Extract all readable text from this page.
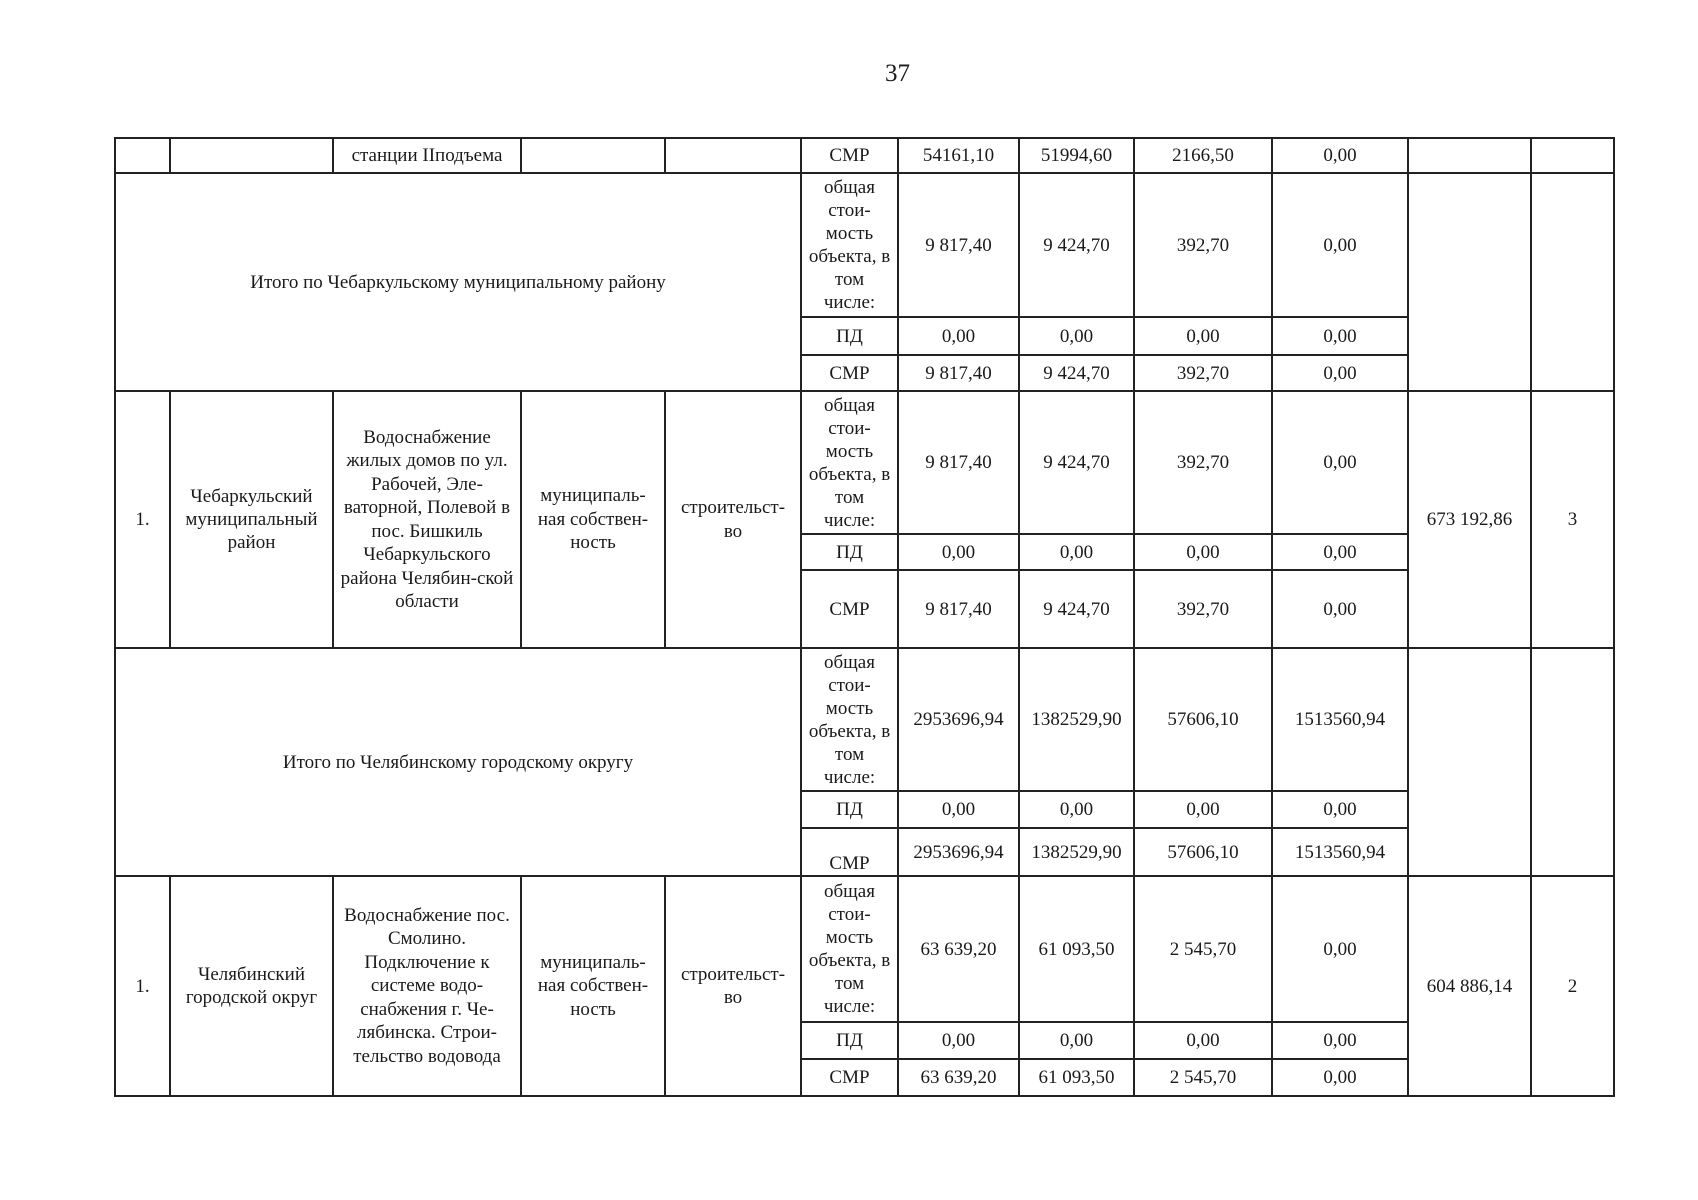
37
		станции IIподъема			СМР	54161,10	51994,60	2166,50	0,00		
Итого по Чебаркульскому муниципальному району					общая стои-мость объекта, в том числе:	9 817,40	9 424,70	392,70	0,00		
					ПД	0,00	0,00	0,00	0,00		
					СМР	9 817,40	9 424,70	392,70	0,00		
1.	Чебаркульский муниципальный район	Водоснабжение жилых домов по ул. Рабочей, Эле-ваторной, Полевой в пос. Бишкиль Чебаркульского района Челябин-ской области	муниципаль-ная собствен-ность	строительст-во	общая стои-мость объекта, в том числе:	9 817,40	9 424,70	392,70	0,00	673 192,86	3
					ПД	0,00	0,00	0,00	0,00		
					СМР	9 817,40	9 424,70	392,70	0,00		
Итого по Челябинскому городскому округу					общая стои-мость объекта, в том числе:	2953696,94	1382529,90	57606,10	1513560,94		
					ПД	0,00	0,00	0,00	0,00		
					СМР	2953696,94	1382529,90	57606,10	1513560,94		
1.	Челябинский городской округ	Водоснабжение пос. Смолино. Подключение к системе водо-снабжения г. Че-лябинска. Строи-тельство водовода	муниципаль-ная собствен-ность	строительст-во	общая стои-мость объекта, в том числе:	63 639,20	61 093,50	2 545,70	0,00	604 886,14	2
					ПД	0,00	0,00	0,00	0,00		
					СМР	63 639,20	61 093,50	2 545,70	0,00		
